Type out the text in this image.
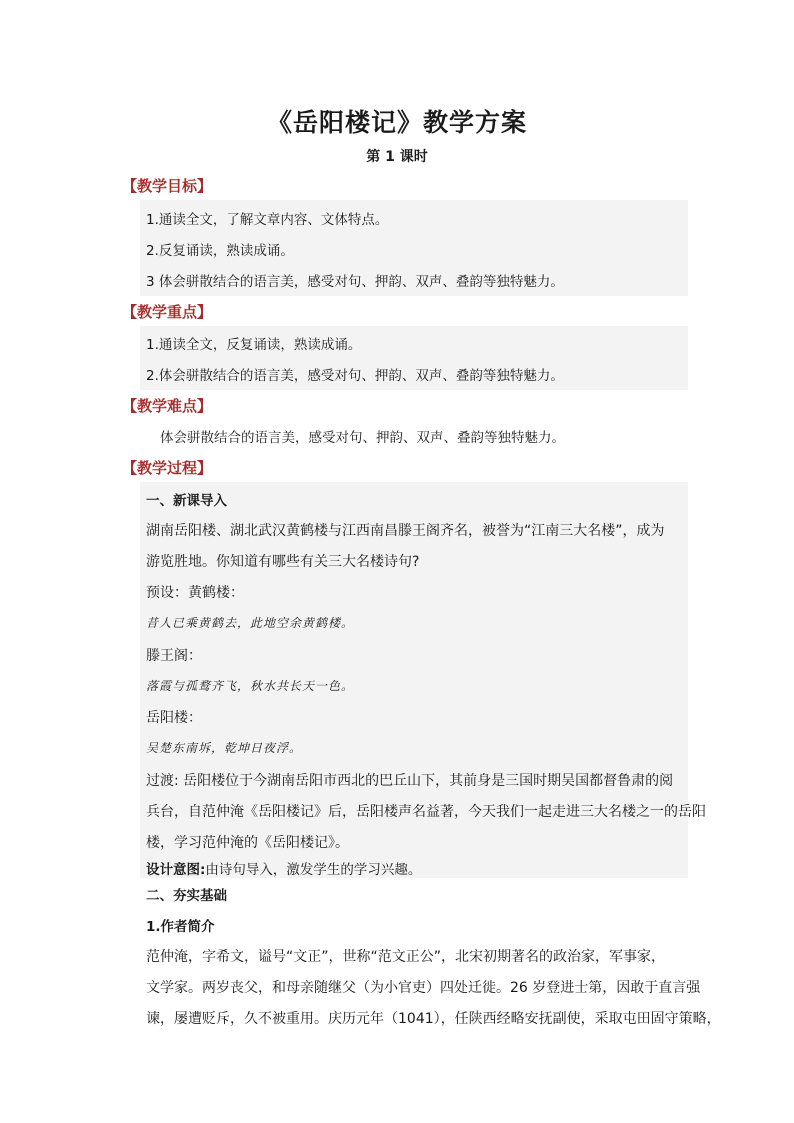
《岳阳楼记》教学方案
第 1 课时
【教学目标】
1.通读全文，了解文章内容、文体特点。
2.反复诵读，熟读成诵。
3 体会骈散结合的语言美，感受对句、押韵、双声、叠韵等独特魅力。
【教学重点】
1.通读全文，反复诵读，熟读成诵。
2.体会骈散结合的语言美，感受对句、押韵、双声、叠韵等独特魅力。
【教学难点】
体会骈散结合的语言美，感受对句、押韵、双声、叠韵等独特魅力。
【教学过程】
一、新课导入
湖南岳阳楼、湖北武汉黄鹤楼与江西南昌滕王阁齐名，被誉为“江南三大名楼”，成为
游览胜地。你知道有哪些有关三大名楼诗句?
预设：黄鹤楼：
昔人已乘黄鹤去，此地空余黄鹤楼。
滕王阁：
落霞与孤鹜齐飞，秋水共长天一色。
岳阳楼：
吴楚东南坼，乾坤日夜浮。
过渡: 岳阳楼位于今湖南岳阳市西北的巴丘山下，其前身是三国时期吴国都督鲁肃的阅
兵台，自范仲淹《岳阳楼记》后，岳阳楼声名益著，今天我们一起走进三大名楼之一的岳阳
楼，学习范仲淹的《岳阳楼记》。
设计意图:由诗句导入，激发学生的学习兴趣。
二、夯实基础
1.作者简介
范仲淹，字希文，谥号“文正”，世称“范文正公”，北宋初期著名的政治家，军事家，
文学家。两岁丧父，和母亲随继父（为小官吏）四处迁徙。26 岁登进士第，因敢于直言强
谏，屡遭贬斥，久不被重用。庆历元年（1041），任陕西经略安抚副使，采取屯田固守策略，
